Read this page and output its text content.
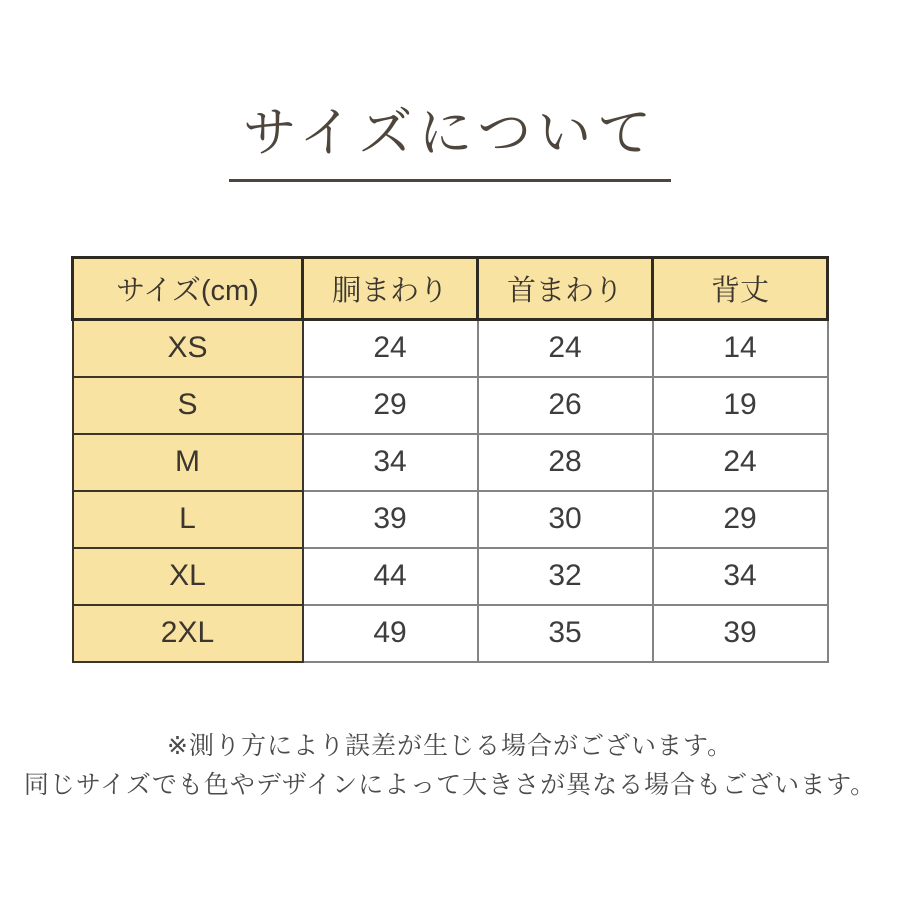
サイズについて
サイズ(cm)	胴まわり	首まわり	背丈
XS	24	24	14
S	29	26	19
M	34	28	24
L	39	30	29
XL	44	32	34
2XL	49	35	39
※測り方により誤差が生じる場合がございます。
同じサイズでも色やデザインによって大きさが異なる場合もございます。
